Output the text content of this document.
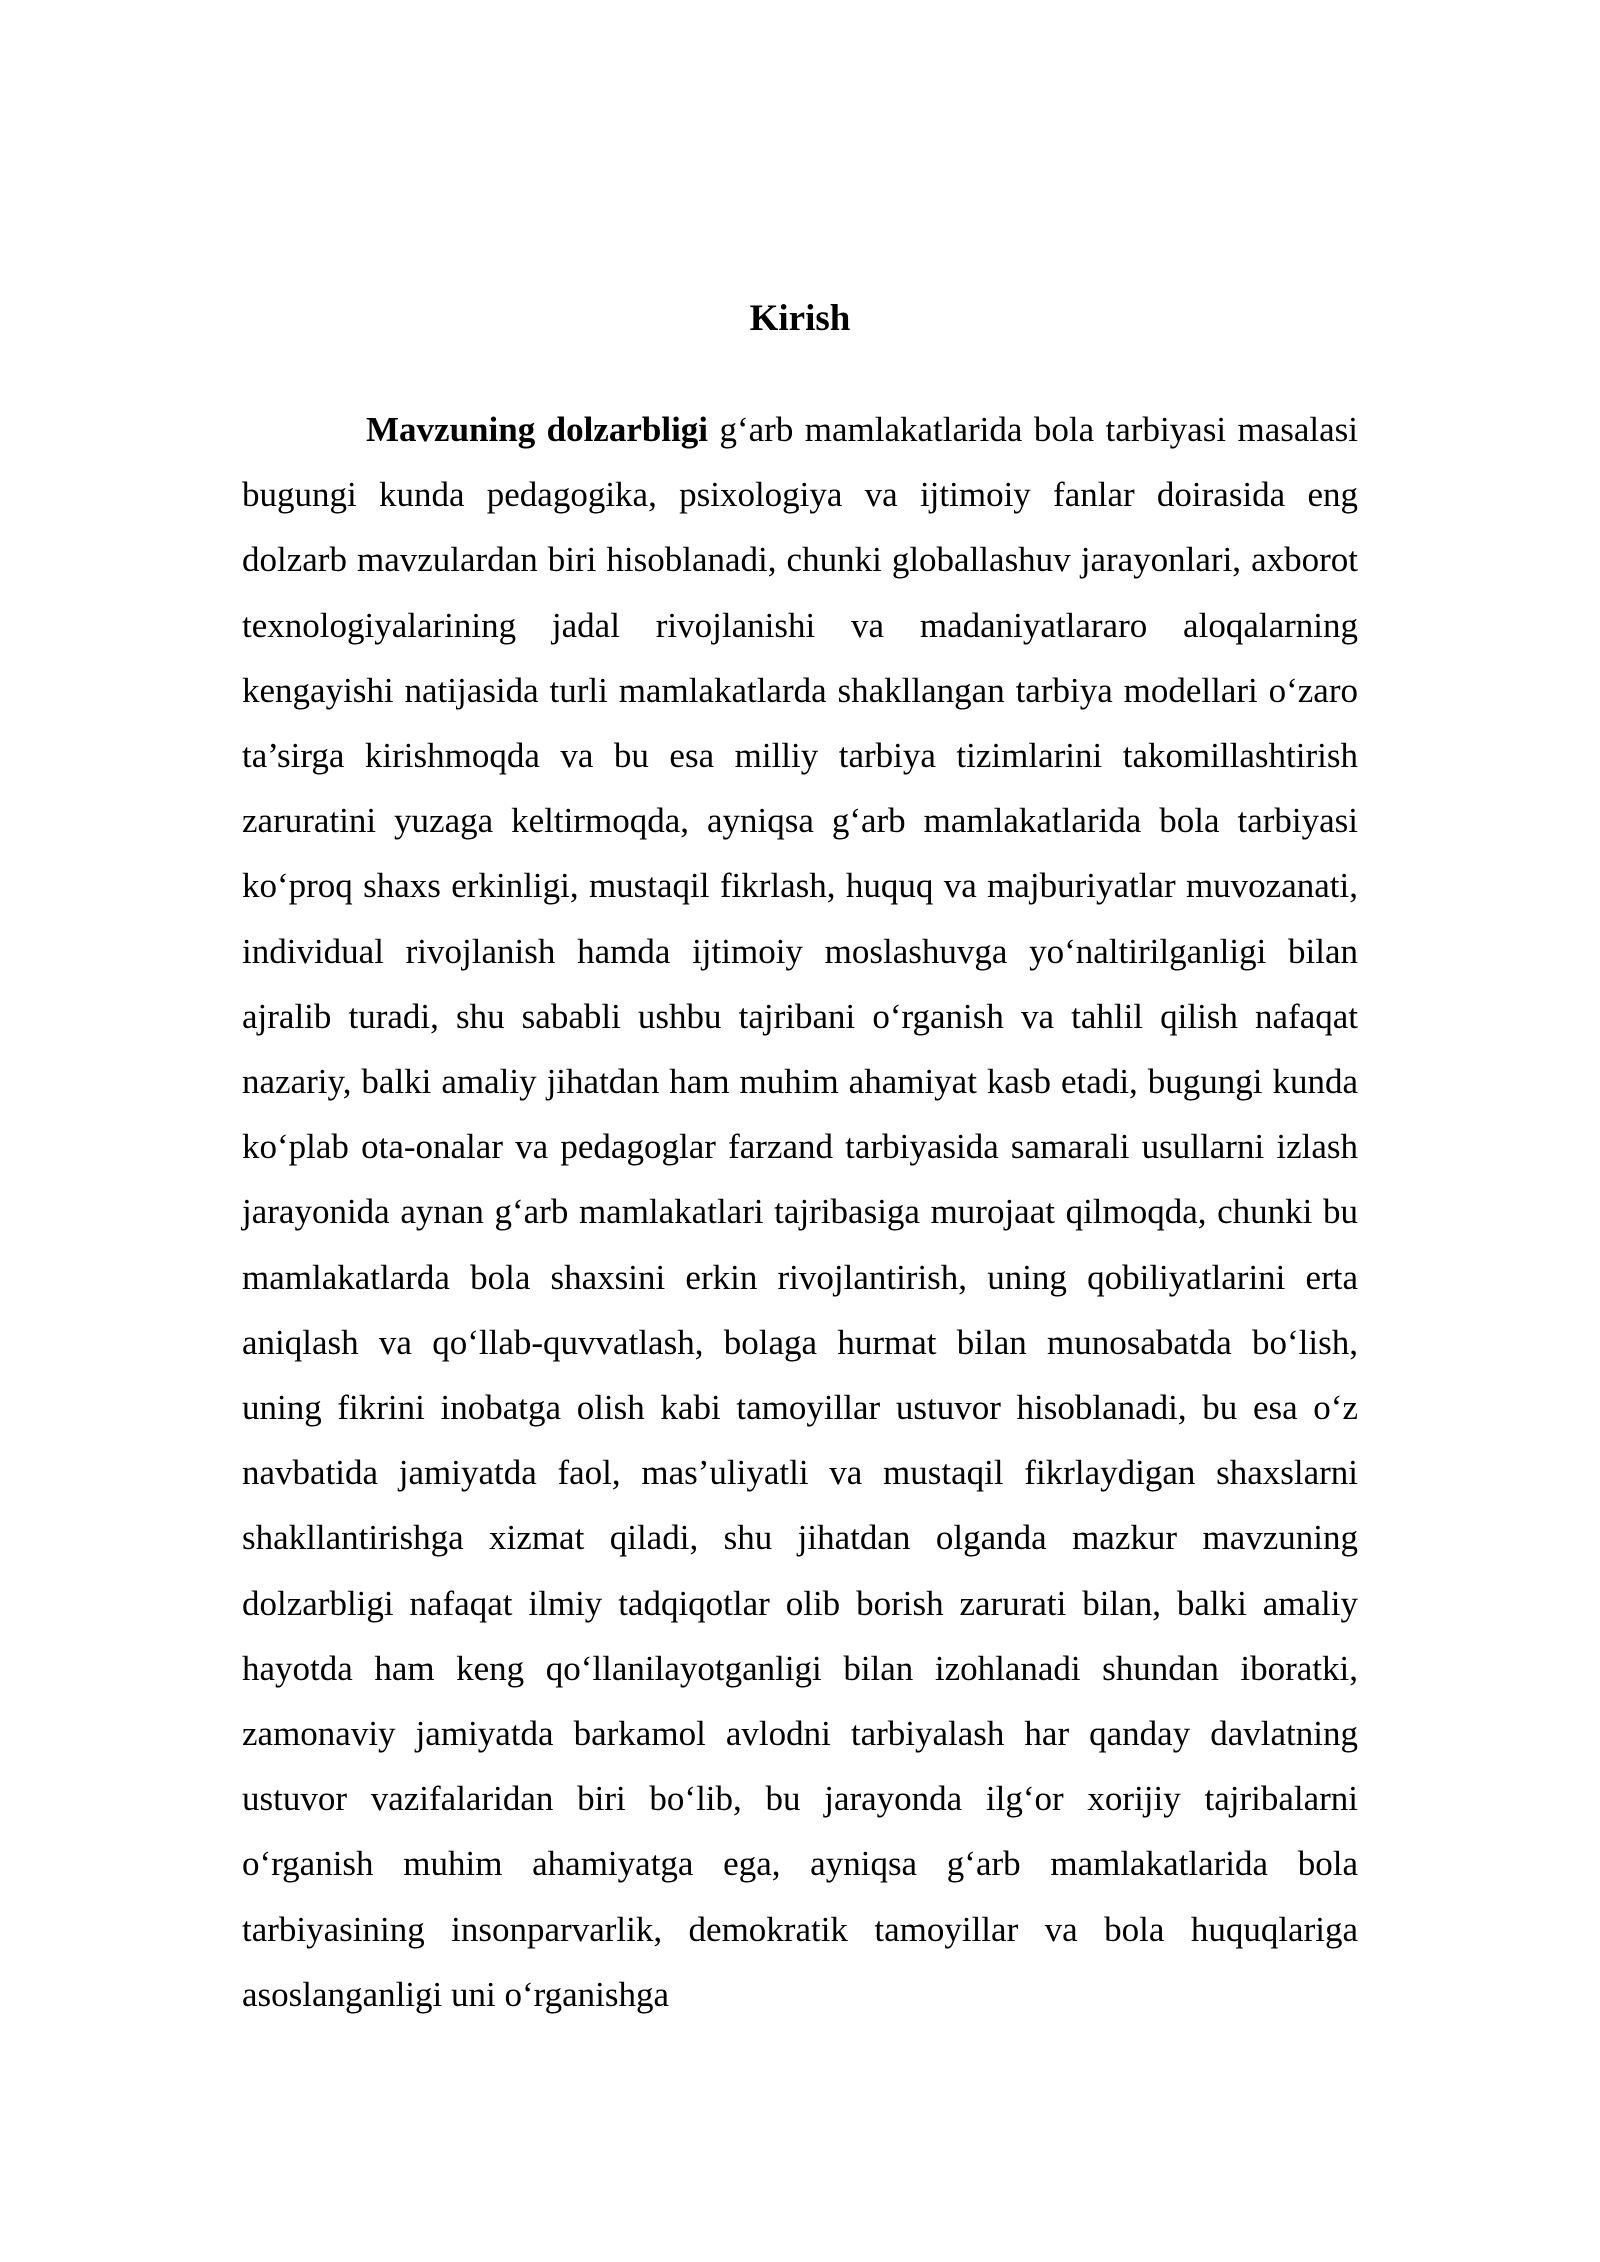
Kirish

Mavzuning dolzarbligi g‘arb mamlakatlarida bola tarbiyasi masalasi bugungi kunda pedagogika, psixologiya va ijtimoiy fanlar doirasida eng dolzarb mavzulardan biri hisoblanadi, chunki globallashuv jarayonlari, axborot texnologiyalarining jadal rivojlanishi va madaniyatlararo aloqalarning kengayishi natijasida turli mamlakatlarda shakllangan tarbiya modellari o‘zaro ta’sirga kirishmoqda va bu esa milliy tarbiya tizimlarini takomillashtirish zaruratini yuzaga keltirmoqda, ayniqsa g‘arb mamlakatlarida bola tarbiyasi ko‘proq shaxs erkinligi, mustaqil fikrlash, huquq va majburiyatlar muvozanati, individual rivojlanish hamda ijtimoiy moslashuvga yo‘naltirilganligi bilan ajralib turadi, shu sababli ushbu tajribani o‘rganish va tahlil qilish nafaqat nazariy, balki amaliy jihatdan ham muhim ahamiyat kasb etadi, bugungi kunda ko‘plab ota-onalar va pedagoglar farzand tarbiyasida samarali usullarni izlash jarayonida aynan g‘arb mamlakatlari tajribasiga murojaat qilmoqda, chunki bu mamlakatlarda bola shaxsini erkin rivojlantirish, uning qobiliyatlarini erta aniqlash va qo‘llab-quvvatlash, bolaga hurmat bilan munosabatda bo‘lish, uning fikrini inobatga olish kabi tamoyillar ustuvor hisoblanadi, bu esa o‘z navbatida jamiyatda faol, mas’uliyatli va mustaqil fikrlaydigan shaxslarni shakllantirishga xizmat qiladi, shu jihatdan olganda mazkur mavzuning dolzarbligi nafaqat ilmiy tadqiqotlar olib borish zarurati bilan, balki amaliy hayotda ham keng qo‘llanilayotganligi bilan izohlanadi shundan iboratki, zamonaviy jamiyatda barkamol avlodni tarbiyalash har qanday davlatning ustuvor vazifalaridan biri bo‘lib, bu jarayonda ilg‘or xorijiy tajribalarni o‘rganish muhim ahamiyatga ega, ayniqsa g‘arb mamlakatlarida bola tarbiyasining insonparvarlik, demokratik tamoyillar va bola huquqlariga asoslanganligi uni o‘rganishga
